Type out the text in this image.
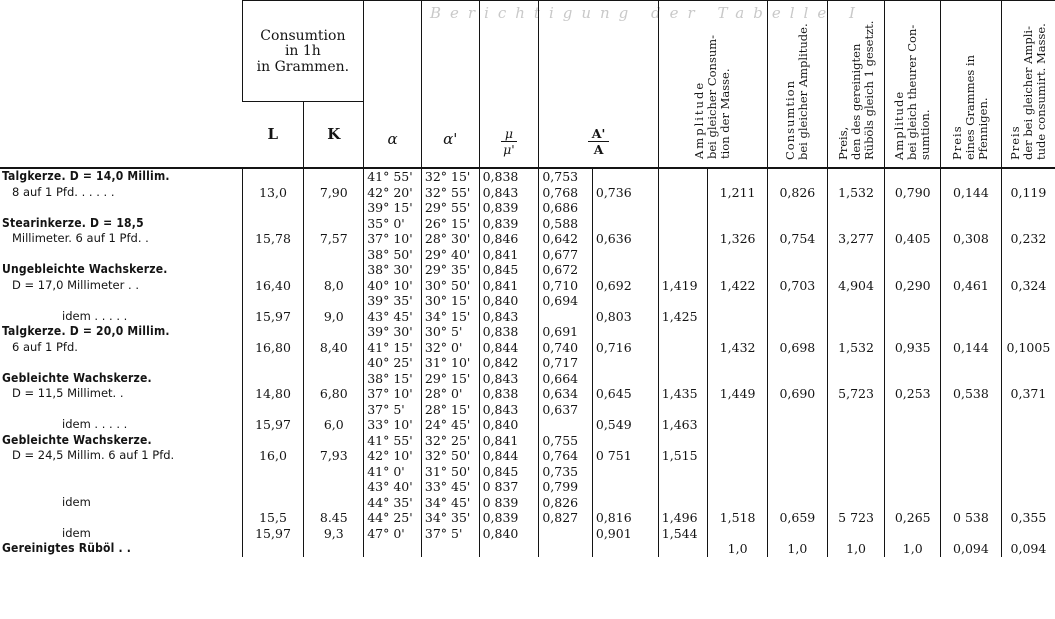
Berichtigung der Tabelle I

	Consumtion
in 1h
in Grammen.		α	α'	$\frac{\mu}{\mu'}$	$\frac{A'}{A}$		Amplitude
bei gleicher Consum-
tion der Masse.		Consumtion
bei gleicher Amplitude.	Preis,
den des gereinigten
Rüböls gleich 1 gesetzt.	Amplitude
bei gleich theurer Con-
sumtion.	Preis
eines Grammes in
Pfennigen.	Preis
der bei gleicher Ampli-
tude consumirt. Masse.

	L	K												

Talgkerze. D = 14,0 Millim.
8 auf 1 Pfd. . . . . .	13,0	7,90	41° 55'
42° 20'
39° 15'	32° 15'
32° 55'
29° 55'	0,838
0,843
0,839	0,753
0,768
0,686	0,736		1,211	0,826	1,532	0,790	0,144	0,119

Stearinkerze. D = 18,5
Millimeter. 6 auf 1 Pfd. .	15,78	7,57	35° 0'
37° 10'
38° 50'	26° 15'
28° 30'
29° 40'	0,839
0,846
0,841	0,588
0,642
0,677	0,636		1,326	0,754	3,277	0,405	0,308	0,232

Ungebleichte Wachskerze.
D = 17,0 Millimeter . .	16,40	8,0	38° 30'
40° 10'
39° 35'	29° 35'
30° 50'
30° 15'	0,845
0,841
0,840	0,672
0,710
0,694	0,692	1,419	1,422	0,703	4,904	0,290	0,461	0,324

idem . . . . .	15,97	9,0	43° 45'	34° 15'	0,843		0,803	1,425						

Talgkerze. D = 20,0 Millim.
6 auf 1 Pfd.	16,80	8,40	39° 30'
41° 15'
40° 25'	30° 5'
32° 0'
31° 10'	0,838
0,844
0,842	0,691
0,740
0,717	0,716		1,432	0,698	1,532	0,935	0,144	0,1005

Gebleichte Wachskerze.
D = 11,5 Millimet. .	14,80	6,80	38° 15'
37° 10'
37° 5'	29° 15'
28° 0'
28° 15'	0,843
0,838
0,843	0,664
0,634
0,637	0,645	1,435	1,449	0,690	5,723	0,253	0,538	0,371

idem . . . . .	15,97	6,0	33° 10'	24° 45'	0,840		0,549	1,463						

Gebleichte Wachskerze.
D = 24,5 Millim. 6 auf 1 Pfd.	16,0	7,93	41° 55'
42° 10'
41° 0'
43° 40'	32° 25'
32° 50'
31° 50'
33° 45'	0,841
0,844
0,845
0 837	0,755
0,764
0,735
0,799	0 751	1,515						

idem	15,5	8.45	44° 35'
44° 25'	34° 45'
34° 35'	0 839
0,839	0,826
0,827	0,816	1,496	1,518	0,659	5 723	0,265	0 538	0,355

idem	15,97	9,3	47° 0'	37° 5'	0,840		0,901	1,544						

Gereinigtes Rüböl . .									1,0	1,0	1,0	1,0	0,094	0,094
